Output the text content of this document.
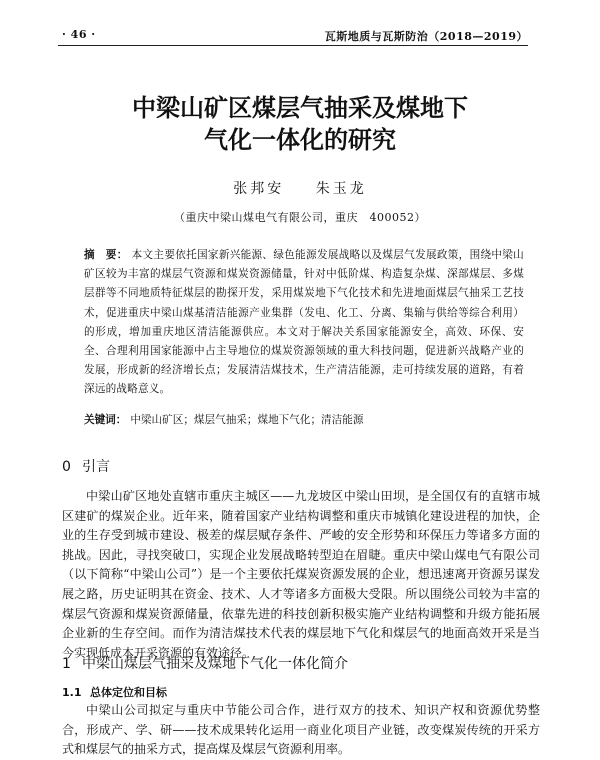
· 46 ·	瓦斯地质与瓦斯防治（2018—2019）
中梁山矿区煤层气抽采及煤地下
气化一体化的研究
张邦安 朱玉龙
（重庆中梁山煤电气有限公司，重庆　400052）
摘　要： 本文主要依托国家新兴能源、绿色能源发展战略以及煤层气发展政策，围绕中梁山矿区较为丰富的煤层气资源和煤炭资源储量，针对中低阶煤、构造复杂煤、深部煤层、多煤层群等不同地质特征煤层的勘探开发，采用煤炭地下气化技术和先进地面煤层气抽采工艺技术，促进重庆中梁山煤基清洁能源产业集群（发电、化工、分离、集输与供给等综合利用）的形成，增加重庆地区清洁能源供应。本文对于解决关系国家能源安全，高效、环保、安全、合理利用国家能源中占主导地位的煤炭资源领域的重大科技问题，促进新兴战略产业的发展，形成新的经济增长点；发展清洁煤技术，生产清洁能源，走可持续发展的道路，有着深远的战略意义。
关键词： 中梁山矿区；煤层气抽采；煤地下气化；清洁能源
0 引言
中梁山矿区地处直辖市重庆主城区——九龙坡区中梁山田坝，是全国仅有的直辖市城区建矿的煤炭企业。近年来，随着国家产业结构调整和重庆市城镇化建设进程的加快，企业的生存受到城市建设、极差的煤层赋存条件、严峻的安全形势和环保压力等诸多方面的挑战。因此，寻找突破口，实现企业发展战略转型迫在眉睫。重庆中梁山煤电气有限公司（以下简称“中梁山公司”）是一个主要依托煤炭资源发展的企业，想迅速离开资源另谋发展之路，历史证明其在资金、技术、人才等诸多方面极大受限。所以围绕公司较为丰富的煤层气资源和煤炭资源储量，依靠先进的科技创新积极实施产业结构调整和升级方能拓展企业新的生存空间。而作为清洁煤技术代表的煤层地下气化和煤层气的地面高效开采是当今实现低成本开采资源的有效途径。
1 中梁山煤层气抽采及煤地下气化一体化简介
1.1 总体定位和目标
中梁山公司拟定与重庆中节能公司合作，进行双方的技术、知识产权和资源优势整合，形成产、学、研——技术成果转化运用一商业化项目产业链，改变煤炭传统的开采方式和煤层气的抽采方式，提高煤及煤层气资源利用率。
